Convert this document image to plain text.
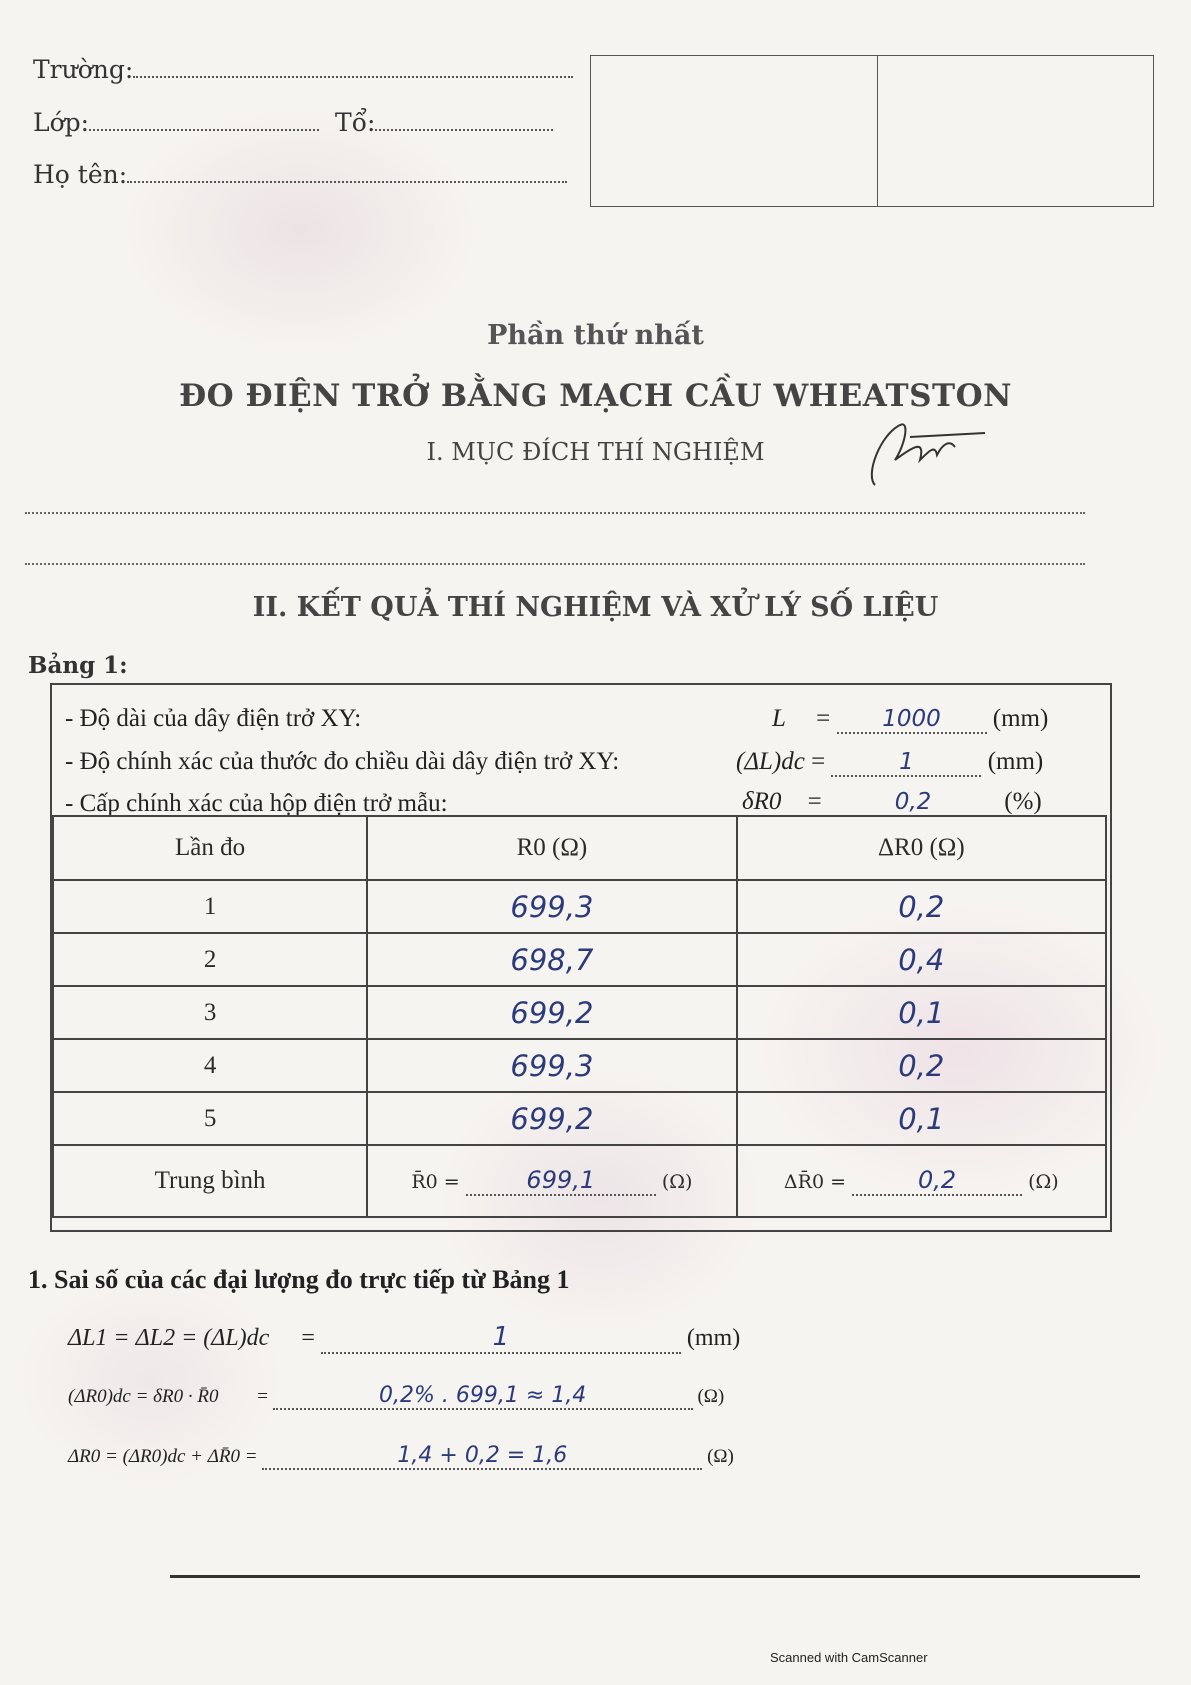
Trường:
Lớp:	Tổ:
Họ tên:
Phần thứ nhất
ĐO ĐIỆN TRỞ BẰNG MẠCH CẦU WHEATSTON
I. MỤC ĐÍCH THÍ NGHIỆM
II. KẾT QUẢ THÍ NGHIỆM VÀ XỬ LÝ SỐ LIỆU
Bảng 1:
- Độ dài của dây điện trở XY:	L = 1000 (mm)
- Độ chính xác của thước đo chiều dài dây điện trở XY:	(ΔL)dc =	1	(mm)
- Cấp chính xác của hộp điện trở mẫu:	δR0 =	0,2	(%)
Lần đo	R0 (Ω)	ΔR0 (Ω)
1	699,3	0,2
2	698,7	0,4
3	699,2	0,1
4	699,3	0,2
5	699,2	0,1
Trung bình	R̄0 = 699,1 (Ω)	ΔR̄0 = 0,2 (Ω)
1. Sai số của các đại lượng đo trực tiếp từ Bảng 1
ΔL1 = ΔL2 = (ΔL)dc =	1	(mm)
(ΔR0)dc = δR0 · R̄0 =	0,2% . 699,1 ≈ 1,4	(Ω)
ΔR0 = (ΔR0)dc + ΔR̄0 =	1,4 + 0,2 = 1,6	(Ω)
Scanned with CamScanner
